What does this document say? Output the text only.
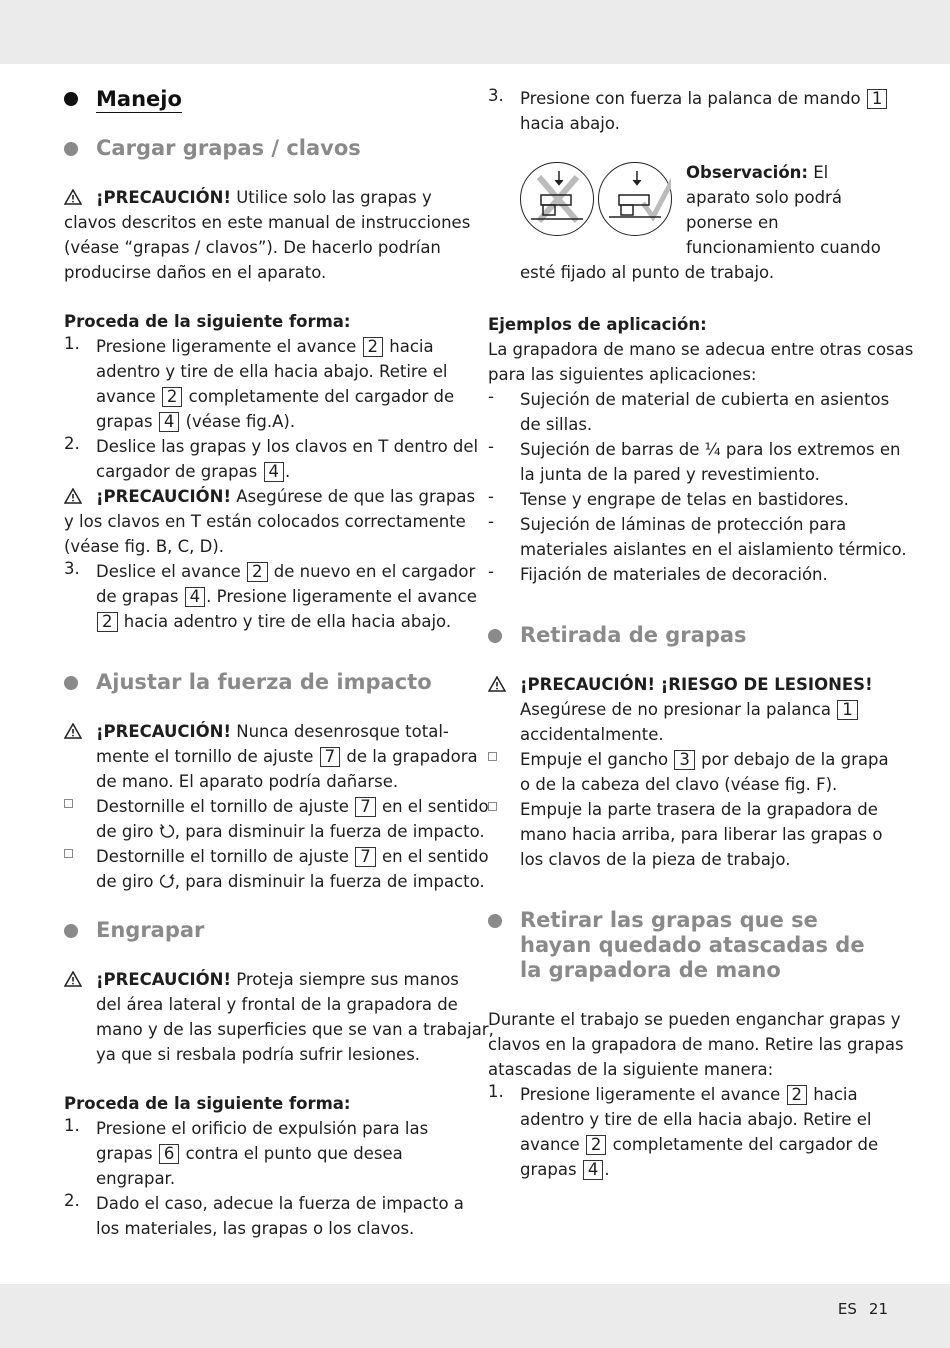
Manejo
Cargar grapas / clavos
¡PRECAUCIÓN! Utilice solo las grapas y
clavos descritos en este manual de instrucciones
(véase “grapas / clavos”). De hacerlo podrían
producirse daños en el aparato.
Proceda de la siguiente forma:
1. Presione ligeramente el avance 2 hacia
adentro y tire de ella hacia abajo. Retire el
avance 2 completamente del cargador de
grapas 4 (véase fig.A).
2. Deslice las grapas y los clavos en T dentro del
cargador de grapas 4 .
¡PRECAUCIÓN! Asegúrese de que las grapas
y los clavos en T están colocados correctamente
(véase fig. B, C, D).
3. Deslice el avance 2 de nuevo en el cargador
de grapas 4 . Presione ligeramente el avance
2 hacia adentro y tire de ella hacia abajo.
Ajustar la fuerza de impacto
¡PRECAUCIÓN! Nunca desenrosque total-
mente el tornillo de ajuste 7 de la grapadora
de mano. El aparato podría dañarse.
Destornille el tornillo de ajuste 7 en el sentido
de giro , para disminuir la fuerza de impacto.
Destornille el tornillo de ajuste 7 en el sentido
de giro , para disminuir la fuerza de impacto.
Engrapar
¡PRECAUCIÓN! Proteja siempre sus manos
del área lateral y frontal de la grapadora de
mano y de las superficies que se van a trabajar,
ya que si resbala podría sufrir lesiones.
Proceda de la siguiente forma:
1. Presione el orificio de expulsión para las
grapas 6 contra el punto que desea
engrapar.
2. Dado el caso, adecue la fuerza de impacto a
los materiales, las grapas o los clavos.
3. Presione con fuerza la palanca de mando 1
hacia abajo.
Observación: El
aparato solo podrá
ponerse en
funcionamiento cuando
esté fijado al punto de trabajo.
Ejemplos de aplicación:
La grapadora de mano se adecua entre otras cosas
para las siguientes aplicaciones:
- Sujeción de material de cubierta en asientos
de sillas.
- Sujeción de barras de ¼ para los extremos en
la junta de la pared y revestimiento.
- Tense y engrape de telas en bastidores.
- Sujeción de láminas de protección para
materiales aislantes en el aislamiento térmico.
- Fijación de materiales de decoración.
Retirada de grapas
¡PRECAUCIÓN! ¡RIESGO DE LESIONES!
Asegúrese de no presionar la palanca 1
accidentalmente.
Empuje el gancho 3 por debajo de la grapa
o de la cabeza del clavo (véase fig. F).
Empuje la parte trasera de la grapadora de
mano hacia arriba, para liberar las grapas o
los clavos de la pieza de trabajo.
Retirar las grapas que se
hayan quedado atascadas de
la grapadora de mano
Durante el trabajo se pueden enganchar grapas y
clavos en la grapadora de mano. Retire las grapas
atascadas de la siguiente manera:
1. Presione ligeramente el avance 2 hacia
adentro y tire de ella hacia abajo. Retire el
avance 2 completamente del cargador de
grapas 4 .
ES 21
